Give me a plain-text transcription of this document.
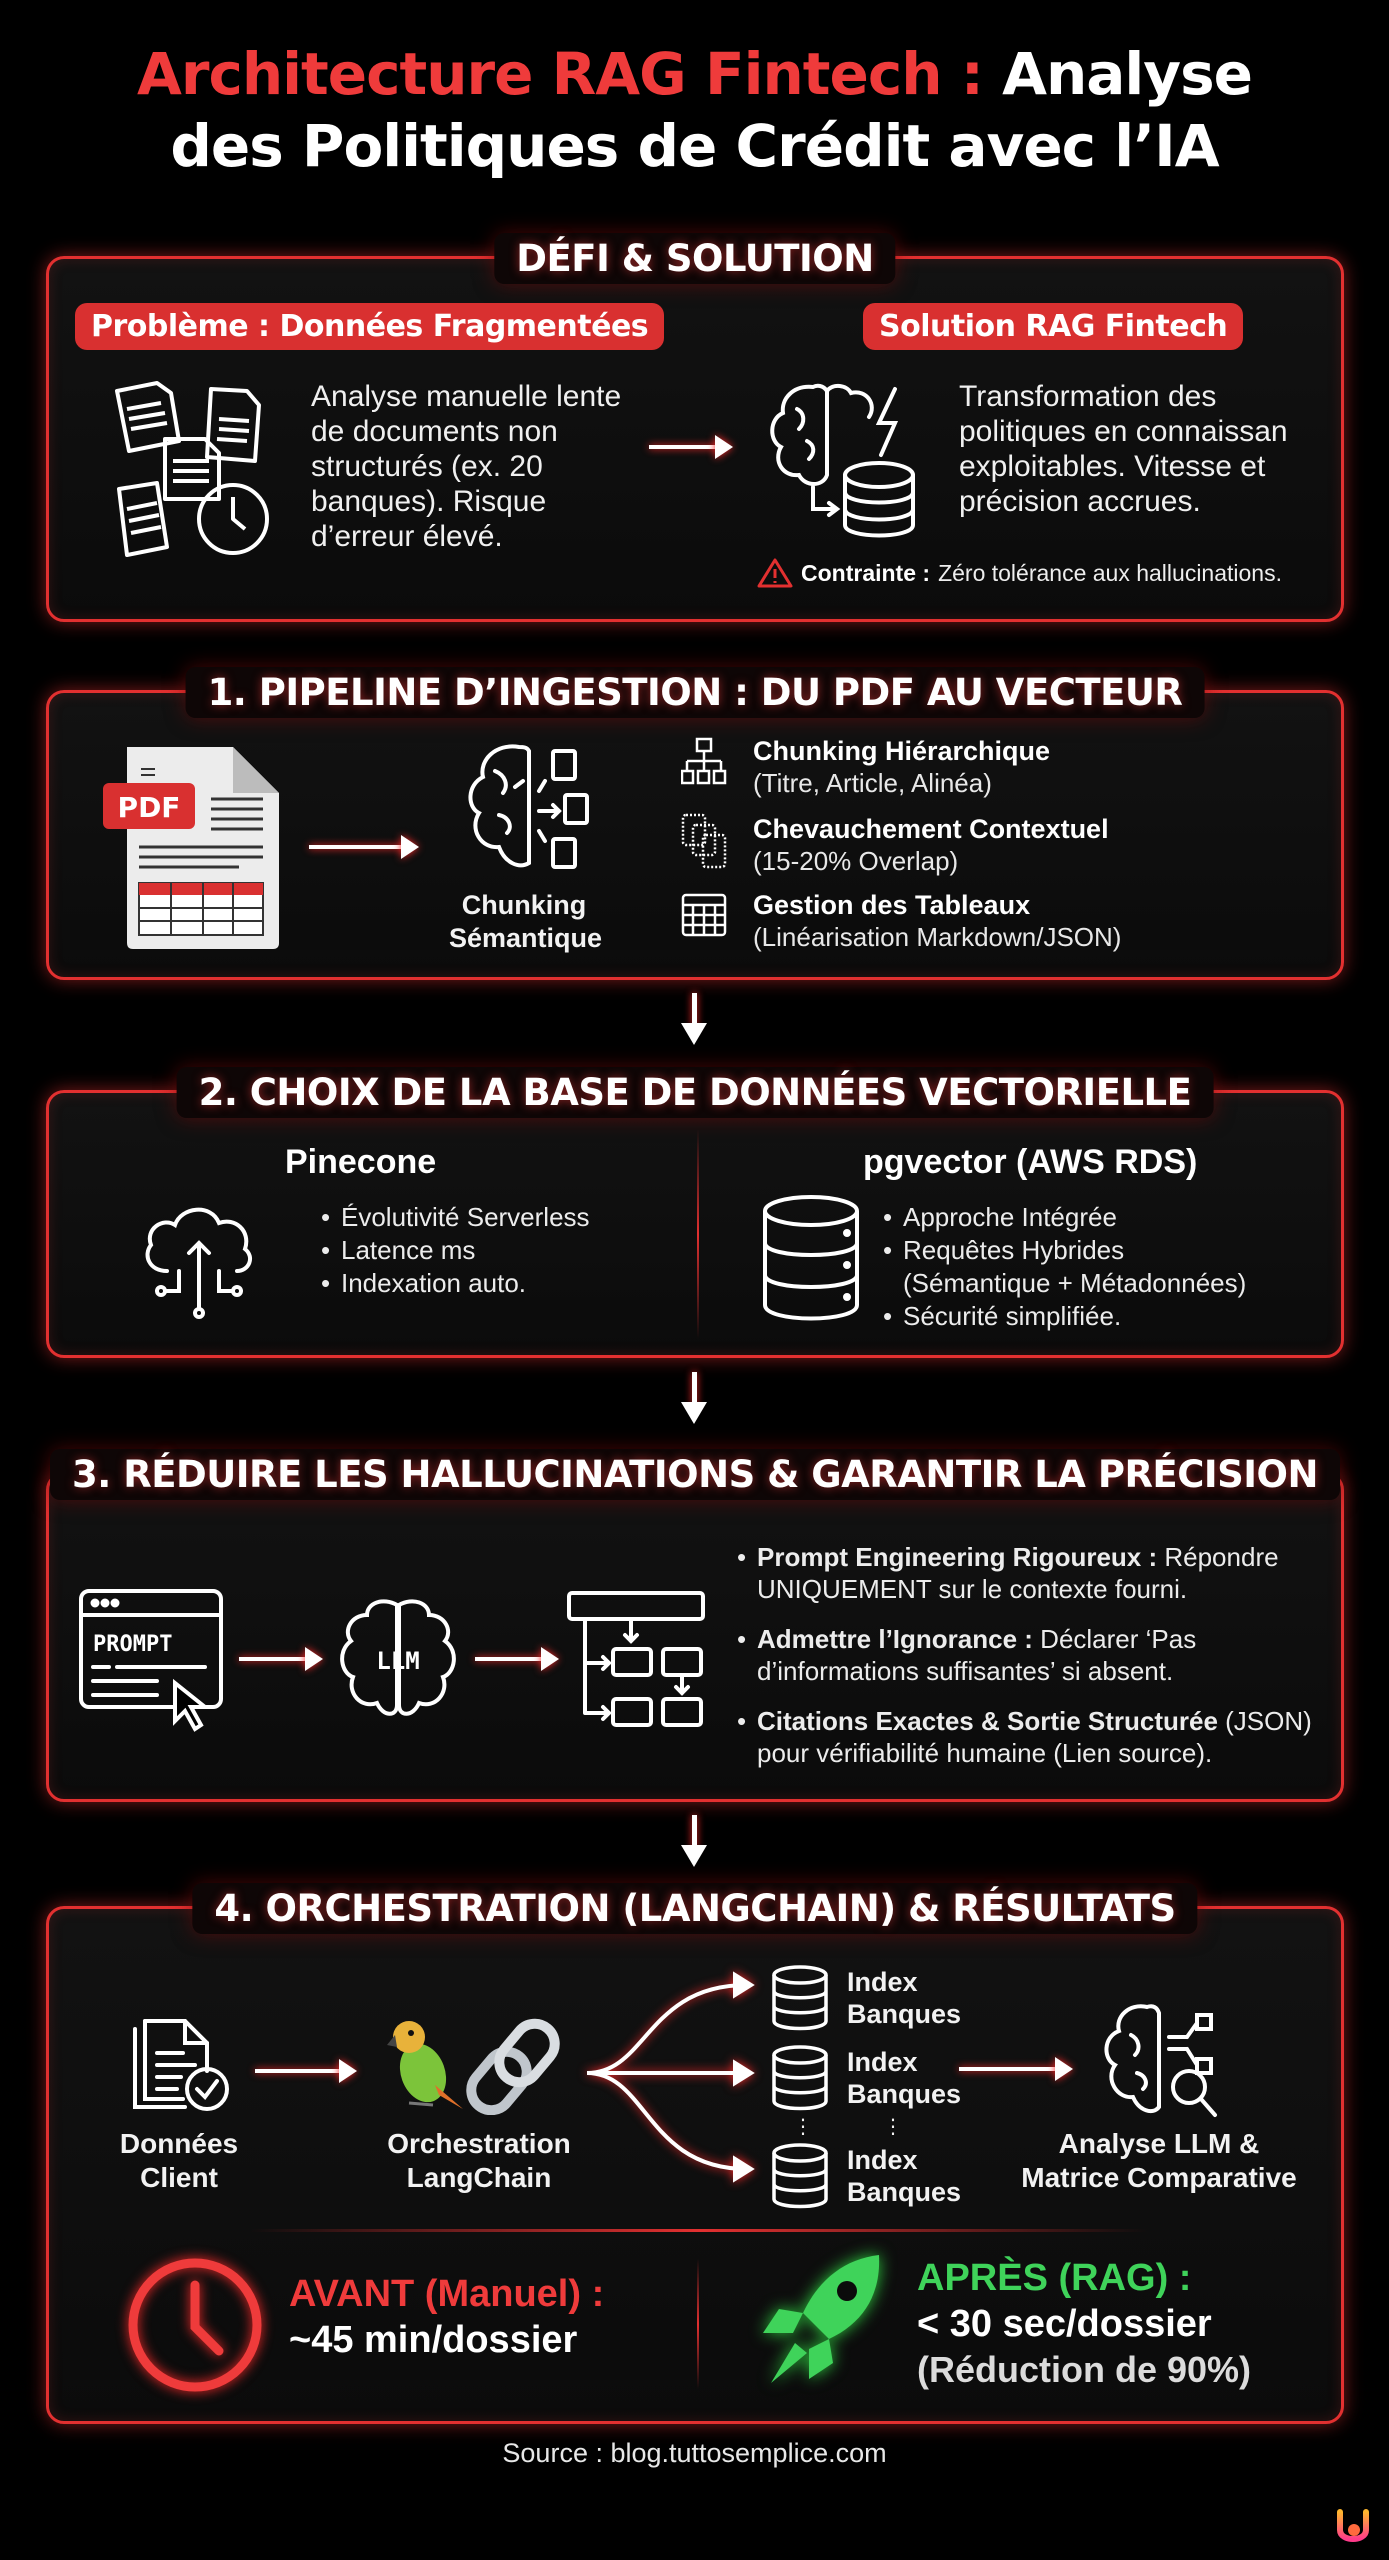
Architecture RAG Fintech : Analyse
des Politiques de Crédit avec l’IA
DÉFI & SOLUTION
Problème : Données Fragmentées
Analyse manuelle lente
de documents non
structurés (ex. 20
banques). Risque
d’erreur élevé.
Solution RAG Fintech
Transformation des
politiques en connaissan
exploitables. Vitesse et
précision accrues.
Contrainte : Zéro tolérance aux hallucinations.
1. PIPELINE D’INGESTION : DU PDF AU VECTEUR
PDF
Chunking
Sémantique
Chunking Hiérarchique
(Titre, Article, Alinéa)
Chevauchement Contextuel
(15-20% Overlap)
Gestion des Tableaux
(Linéarisation Markdown/JSON)
2. CHOIX DE LA BASE DE DONNÉES VECTORIELLE
Pinecone
• Évolutivité Serverless
• Latence ms
• Indexation auto.
pgvector (AWS RDS)
• Approche Intégrée
• Requêtes Hybrides
(Sémantique + Métadonnées)
• Sécurité simplifiée.
3. RÉDUIRE LES HALLUCINATIONS & GARANTIR LA PRÉCISION
PROMPT
LLM
• Prompt Engineering Rigoureux : Répondre UNIQUEMENT sur le contexte fourni.
• Admettre l’Ignorance : Déclarer ‘Pas d’informations suffisantes’ si absent.
• Citations Exactes & Sortie Structurée (JSON) pour vérifiabilité humaine (Lien source).
4. ORCHESTRATION (LANGCHAIN) & RÉSULTATS
Données
Client
Orchestration
LangChain
Index
Banques
Index
Banques
⋮	⋮
Index
Banques
Analyse LLM &
Matrice Comparative
AVANT (Manuel) :
~45 min/dossier
APRÈS (RAG) :
< 30 sec/dossier
(Réduction de 90%)
Source : blog.tuttosemplice.com
